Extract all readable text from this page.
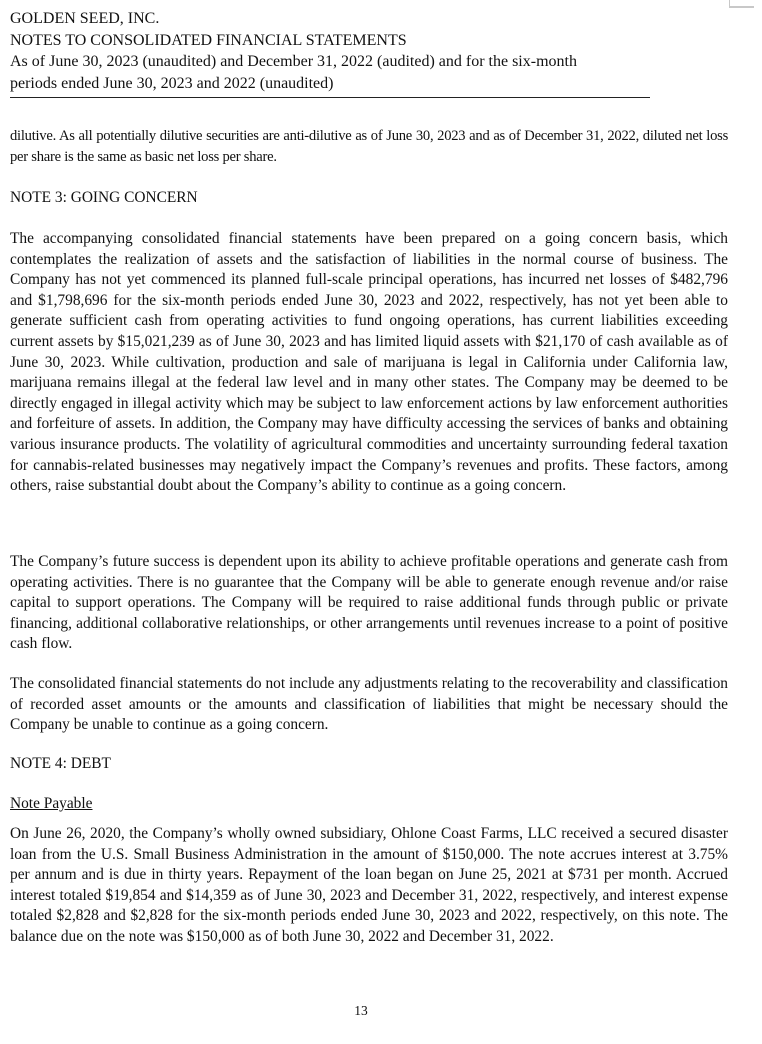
GOLDEN SEED, INC.
NOTES TO CONSOLIDATED FINANCIAL STATEMENTS
As of June 30, 2023 (unaudited) and December 31, 2022 (audited) and for the six-month
periods ended June 30, 2023 and 2022 (unaudited)

dilutive. As all potentially dilutive securities are anti-dilutive as of June 30, 2023 and as of December 31, 2022, diluted net loss per share is the same as basic net loss per share.

NOTE 3: GOING CONCERN

The accompanying consolidated financial statements have been prepared on a going concern basis, which contemplates the realization of assets and the satisfaction of liabilities in the normal course of business. The Company has not yet commenced its planned full-scale principal operations, has incurred net losses of $482,796 and $1,798,696 for the six-month periods ended June 30, 2023 and 2022, respectively, has not yet been able to generate sufficient cash from operating activities to fund ongoing operations, has current liabilities exceeding current assets by $15,021,239 as of June 30, 2023 and has limited liquid assets with $21,170 of cash available as of June 30, 2023. While cultivation, production and sale of marijuana is legal in California under California law, marijuana remains illegal at the federal law level and in many other states. The Company may be deemed to be directly engaged in illegal activity which may be subject to law enforcement actions by law enforcement authorities and forfeiture of assets. In addition, the Company may have difficulty accessing the services of banks and obtaining various insurance products. The volatility of agricultural commodities and uncertainty surrounding federal taxation for cannabis-related businesses may negatively impact the Company’s revenues and profits. These factors, among others, raise substantial doubt about the Company’s ability to continue as a going concern.

The Company’s future success is dependent upon its ability to achieve profitable operations and generate cash from operating activities. There is no guarantee that the Company will be able to generate enough revenue and/or raise capital to support operations. The Company will be required to raise additional funds through public or private financing, additional collaborative relationships, or other arrangements until revenues increase to a point of positive cash flow.

The consolidated financial statements do not include any adjustments relating to the recoverability and classification of recorded asset amounts or the amounts and classification of liabilities that might be necessary should the Company be unable to continue as a going concern.

NOTE 4: DEBT

Note Payable

On June 26, 2020, the Company’s wholly owned subsidiary, Ohlone Coast Farms, LLC received a secured disaster loan from the U.S. Small Business Administration in the amount of $150,000. The note accrues interest at 3.75% per annum and is due in thirty years. Repayment of the loan began on June 25, 2021 at $731 per month. Accrued interest totaled $19,854 and $14,359 as of June 30, 2023 and December 31, 2022, respectively, and interest expense totaled $2,828 and $2,828 for the six-month periods ended June 30, 2023 and 2022, respectively, on this note. The balance due on the note was $150,000 as of both June 30, 2022 and December 31, 2022.

13
